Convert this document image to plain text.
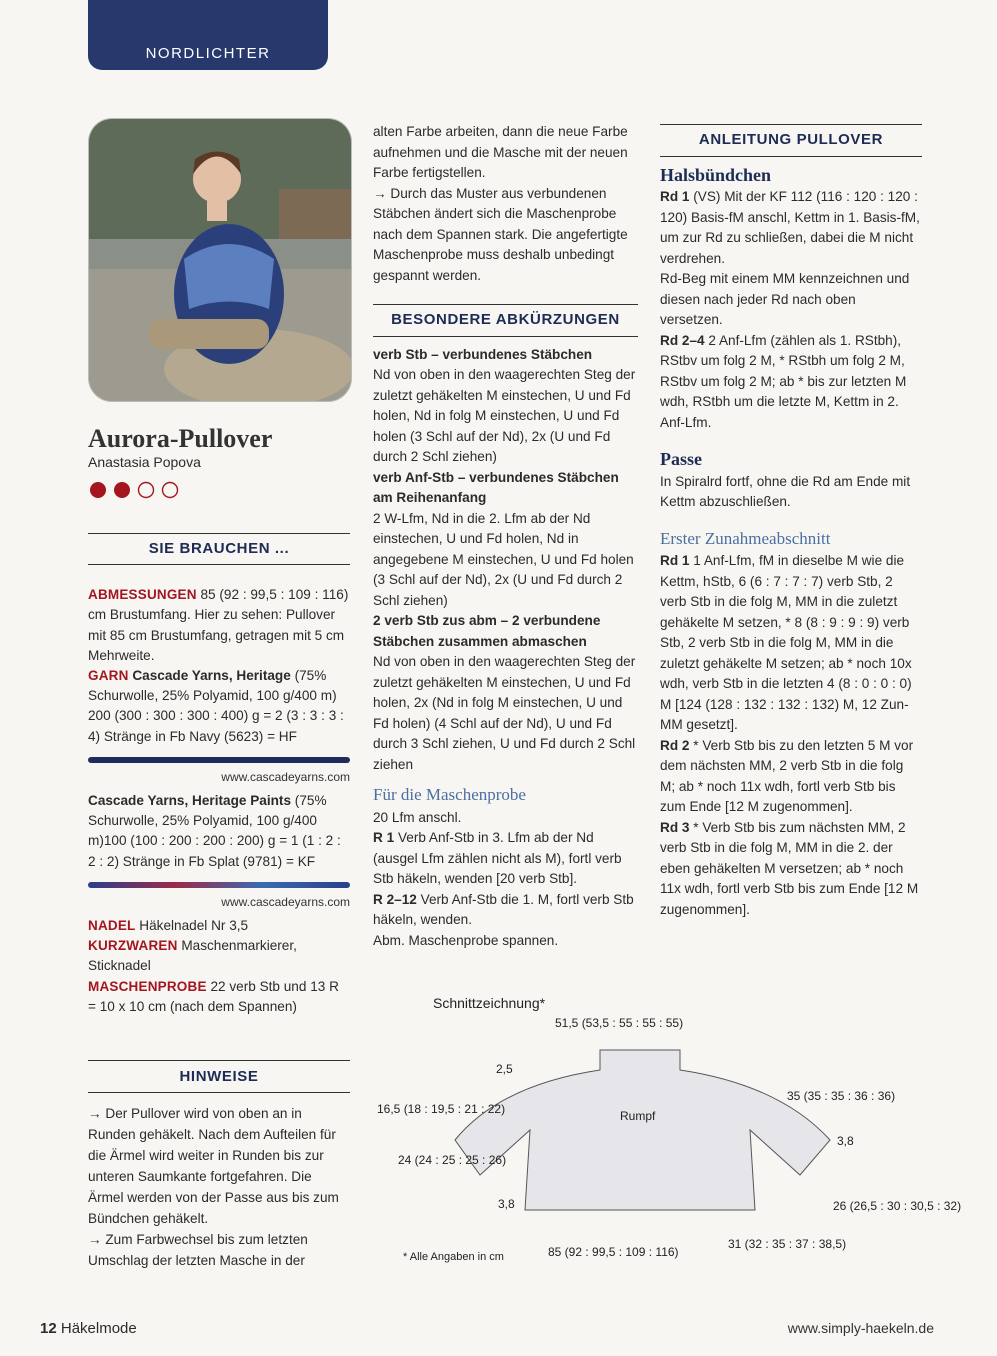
NORDLICHTER
Aurora-Pullover
Anastasia Popova
SIE BRAUCHEN ...

ABMESSUNGEN 85 (92 : 99,5 : 109 : 116) cm Brustumfang. Hier zu sehen: Pullover mit 85 cm Brustumfang, getragen mit 5 cm Mehrweite.

GARN Cascade Yarns, Heritage (75% Schurwolle, 25% Polyamid, 100 g/400 m) 200 (300 : 300 : 300 : 400) g = 2 (3 : 3 : 3 : 4) Stränge in Fb Navy (5623) = HF

www.cascadeyarns.com

Cascade Yarns, Heritage Paints (75% Schurwolle, 25% Polyamid, 100 g/400 m)100 (100 : 200 : 200 : 200) g = 1 (1 : 2 : 2 : 2) Stränge in Fb Splat (9781) = KF

www.cascadeyarns.com

NADEL Häkelnadel Nr 3,5

KURZWAREN Maschenmarkierer, Sticknadel

MASCHENPROBE 22 verb Stb und 13 R = 10 x 10 cm (nach dem Spannen)

HINWEISE

→ Der Pullover wird von oben an in Runden gehäkelt. Nach dem Aufteilen für die Ärmel wird weiter in Runden bis zur unteren Saumkante fortgefahren. Die Ärmel werden von der Passe aus bis zum Bündchen gehäkelt.

→ Zum Farbwechsel bis zum letzten Umschlag der letzten Masche in der

alten Farbe arbeiten, dann die neue Farbe aufnehmen und die Masche mit der neuen Farbe fertigstellen.

→ Durch das Muster aus verbundenen Stäbchen ändert sich die Maschenprobe nach dem Spannen stark. Die angefertigte Maschenprobe muss deshalb unbedingt gespannt werden.

BESONDERE ABKÜRZUNGEN

verb Stb – verbundenes Stäbchen

Nd von oben in den waagerechten Steg der zuletzt gehäkelten M einstechen, U und Fd holen, Nd in folg M einstechen, U und Fd holen (3 Schl auf der Nd), 2x (U und Fd durch 2 Schl ziehen)

verb Anf-Stb – verbundenes Stäbchen am Reihenanfang

2 W-Lfm, Nd in die 2. Lfm ab der Nd einstechen, U und Fd holen, Nd in angegebene M einstechen, U und Fd holen (3 Schl auf der Nd), 2x (U und Fd durch 2 Schl ziehen)

2 verb Stb zus abm – 2 verbundene Stäbchen zusammen abmaschen

Nd von oben in den waagerechten Steg der zuletzt gehäkelten M einstechen, U und Fd holen, 2x (Nd in folg M einstechen, U und Fd holen) (4 Schl auf der Nd), U und Fd durch 3 Schl ziehen, U und Fd durch 2 Schl ziehen

Für die Maschenprobe

20 Lfm anschl.

R 1 Verb Anf-Stb in 3. Lfm ab der Nd (ausgel Lfm zählen nicht als M), fortl verb Stb häkeln, wenden [20 verb Stb].

R 2–12 Verb Anf-Stb die 1. M, fortl verb Stb häkeln, wenden.

Abm. Maschenprobe spannen.

ANLEITUNG PULLOVER
Halsbündchen

Rd 1 (VS) Mit der KF 112 (116 : 120 : 120 : 120) Basis-fM anschl, Kettm in 1. Basis-fM, um zur Rd zu schließen, dabei die M nicht verdrehen.

Rd-Beg mit einem MM kennzeichnen und diesen nach jeder Rd nach oben versetzen.

Rd 2–4 2 Anf-Lfm (zählen als 1. RStbh), RStbv um folg 2 M, * RStbh um folg 2 M, RStbv um folg 2 M; ab * bis zur letzten M wdh, RStbh um die letzte M, Kettm in 2. Anf-Lfm.

Passe

In Spiralrd fortf, ohne die Rd am Ende mit Kettm abzuschließen.

Erster Zunahmeabschnitt

Rd 1 1 Anf-Lfm, fM in dieselbe M wie die Kettm, hStb, 6 (6 : 7 : 7 : 7) verb Stb, 2 verb Stb in die folg M, MM in die zuletzt gehäkelte M setzen, * 8 (8 : 9 : 9 : 9) verb Stb, 2 verb Stb in die folg M, MM in die zuletzt gehäkelte M setzen; ab * noch 10x wdh, verb Stb in die letzten 4 (8 : 0 : 0 : 0) M [124 (128 : 132 : 132 : 132) M, 12 Zun-MM gesetzt].

Rd 2 * Verb Stb bis zu den letzten 5 M vor dem nächsten MM, 2 verb Stb in die folg M; ab * noch 11x wdh, fortl verb Stb bis zum Ende [12 M zugenommen].

Rd 3 * Verb Stb bis zum nächsten MM, 2 verb Stb in die folg M, MM in die 2. der eben gehäkelten M versetzen; ab * noch 11x wdh, fortl verb Stb bis zum Ende [12 M zugenommen].

Schnittzeichnung*
Rumpf
51,5 (53,5 : 55 : 55 : 55)
2,5
16,5 (18 : 19,5 : 21 : 22)
24 (24 : 25 : 25 : 26)
3,8
35 (35 : 35 : 36 : 36)
3,8
26 (26,5 : 30 : 30,5 : 32)
85 (92 : 99,5 : 109 : 116)
31 (32 : 35 : 37 : 38,5)
* Alle Angaben in cm
12 Häkelmode	www.simply-haekeln.de
